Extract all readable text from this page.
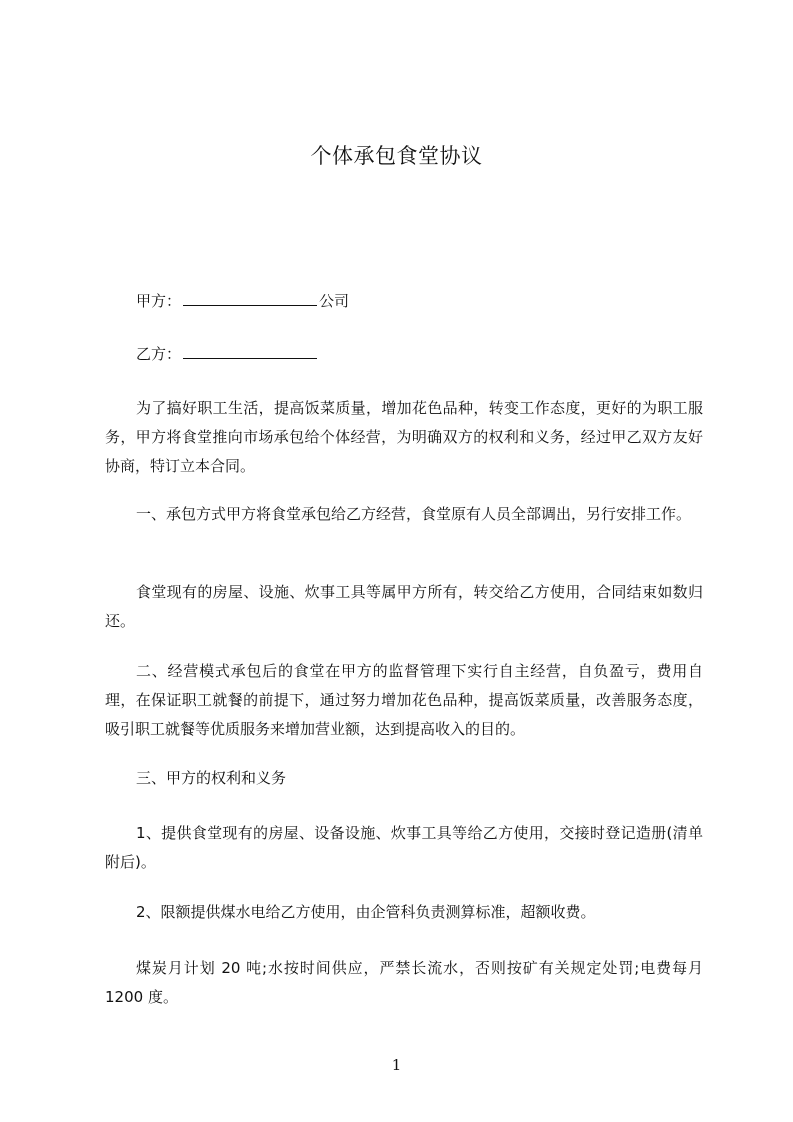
个体承包食堂协议

甲方：	公司

乙方：

为了搞好职工生活，提高饭菜质量，增加花色品种，转变工作态度，更好的为职工服务，甲方将食堂推向市场承包给个体经营，为明确双方的权利和义务，经过甲乙双方友好协商，特订立本合同。

一、承包方式甲方将食堂承包给乙方经营，食堂原有人员全部调出，另行安排工作。

食堂现有的房屋、设施、炊事工具等属甲方所有，转交给乙方使用，合同结束如数归还。

二、经营模式承包后的食堂在甲方的监督管理下实行自主经营，自负盈亏，费用自理，在保证职工就餐的前提下，通过努力增加花色品种，提高饭菜质量，改善服务态度，吸引职工就餐等优质服务来增加营业额，达到提高收入的目的。

三、甲方的权利和义务

1、提供食堂现有的房屋、设备设施、炊事工具等给乙方使用，交接时登记造册(清单附后)。

2、限额提供煤水电给乙方使用，由企管科负责测算标准，超额收费。

煤炭月计划 20 吨;水按时间供应，严禁长流水，否则按矿有关规定处罚;电费每月1200 度。

1
